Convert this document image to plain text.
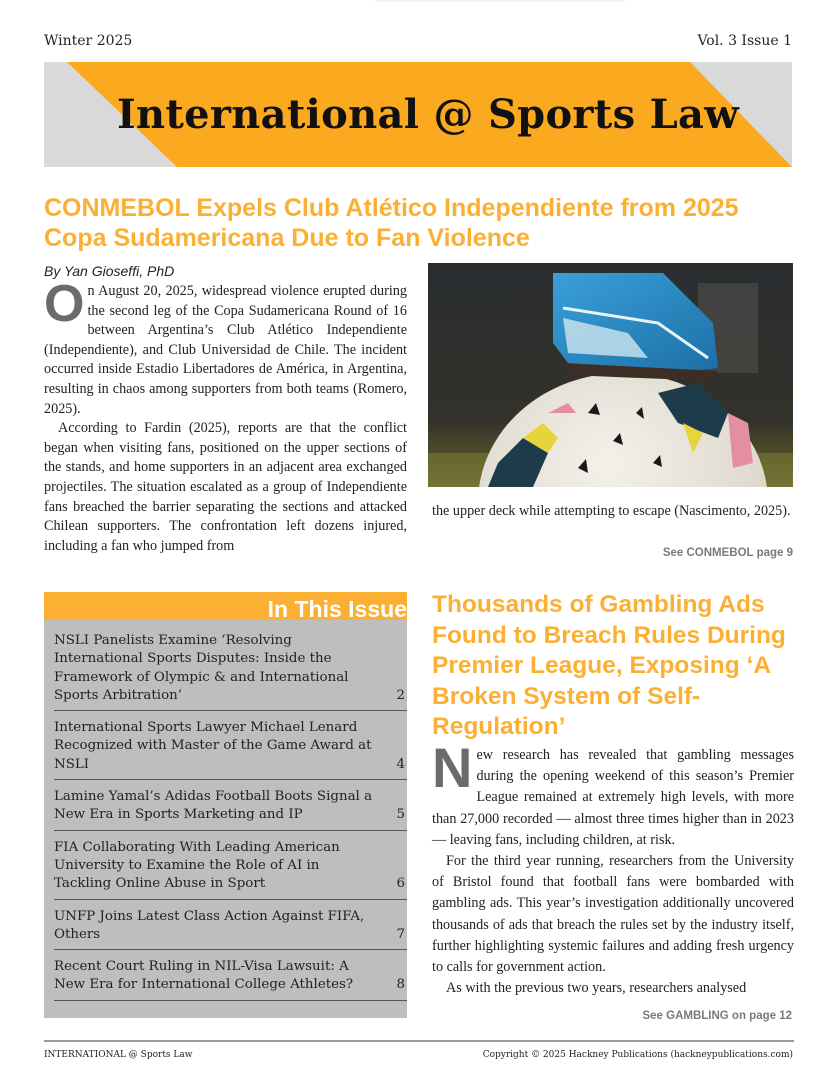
Winter 2025	Vol. 3 Issue 1
International @ Sports Law
CONMEBOL Expels Club Atlético Independiente from 2025 Copa Sudamericana Due to Fan Violence
By Yan Gioseffi, PhD

On August 20, 2025, widespread violence erupted during the second leg of the Copa Sudamericana Round of 16 between Argentina’s Club Atlético Independiente (Independiente), and Club Universidad de Chile. The incident occurred inside Estadio Libertadores de América, in Argentina, resulting in chaos among supporters from both teams (Romero, 2025).

According to Fardin (2025), reports are that the conflict began when visiting fans, positioned on the upper sections of the stands, and home supporters in an adjacent area exchanged projectiles. The situation escalated as a group of Independiente fans breached the barrier separating the sections and attacked Chilean supporters. The confrontation left dozens injured, including a fan who jumped from

the upper deck while attempting to escape (Nascimento, 2025).
See CONMEBOL page 9
In This Issue
NSLI Panelists Examine ‘Resolving International Sports Disputes: Inside the Framework of Olympic & and International Sports Arbitration’	2
International Sports Lawyer Michael Lenard Recognized with Master of the Game Award at NSLI	4
Lamine Yamal’s Adidas Football Boots Signal a New Era in Sports Marketing and IP	5
FIA Collaborating With Leading American University to Examine the Role of AI in Tackling Online Abuse in Sport	6
UNFP Joins Latest Class Action Against FIFA, Others	7
Recent Court Ruling in NIL-Visa Lawsuit: A New Era for International College Athletes?	8
Thousands of Gambling Ads Found to Breach Rules During Premier League, Exposing ‘A Broken System of Self-Regulation’

New research has revealed that gambling messages during the opening weekend of this season’s Premier League remained at extremely high levels, with more than 27,000 recorded — almost three times higher than in 2023 — leaving fans, including children, at risk.

For the third year running, researchers from the University of Bristol found that football fans were bombarded with gambling ads. This year’s investigation additionally uncovered thousands of ads that breach the rules set by the industry itself, further highlighting systemic failures and adding fresh urgency to calls for government action.

As with the previous two years, researchers analysed

See GAMBLING on page 12
INTERNATIONAL @ Sports Law	Copyright © 2025 Hackney Publications (hackneypublications.com)
